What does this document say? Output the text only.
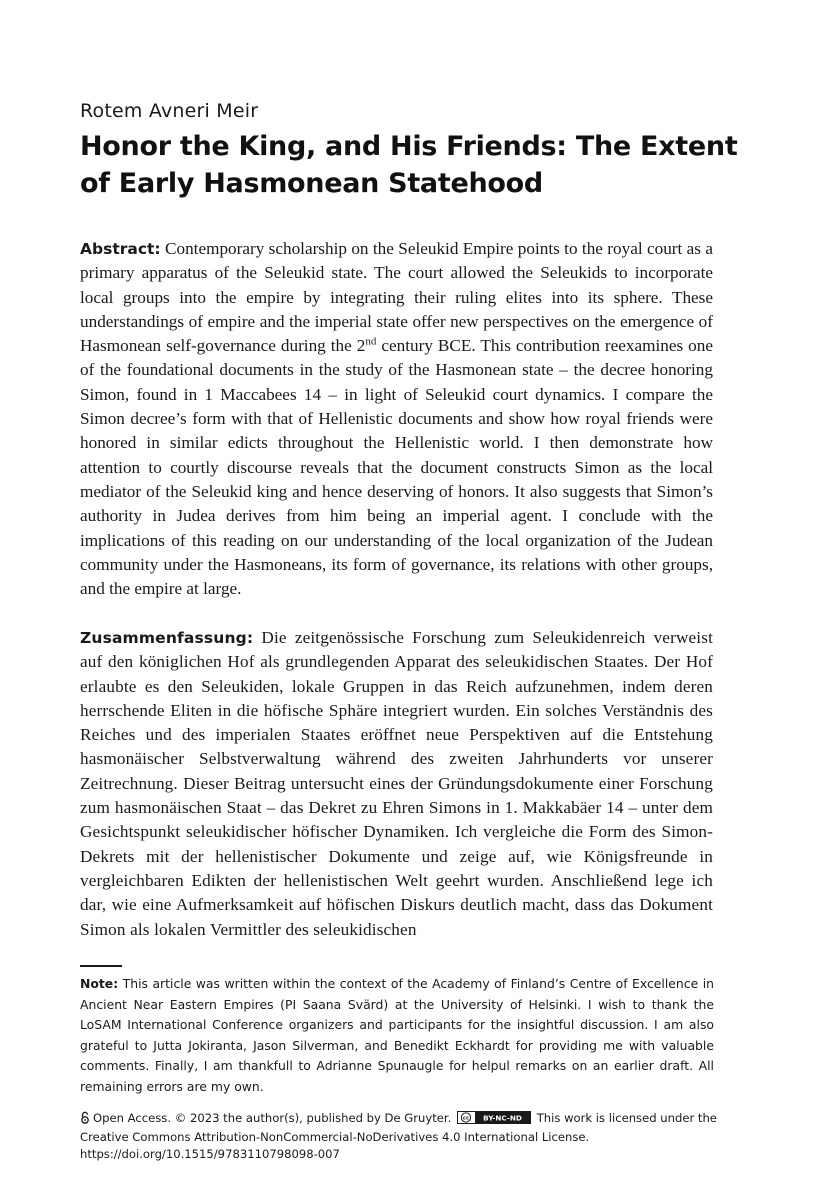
Rotem Avneri Meir
Honor the King, and His Friends: The Extent of Early Hasmonean Statehood

Abstract: Contemporary scholarship on the Seleukid Empire points to the royal court as a primary apparatus of the Seleukid state. The court allowed the Seleukids to incorporate local groups into the empire by integrating their ruling elites into its sphere. These understandings of empire and the imperial state offer new perspectives on the emergence of Hasmonean self-governance during the 2nd century BCE. This contribution reexamines one of the foundational documents in the study of the Hasmonean state – the decree honoring Simon, found in 1 Maccabees 14 – in light of Seleukid court dynamics. I compare the Simon decree’s form with that of Hellenistic documents and show how royal friends were honored in similar edicts throughout the Hellenistic world. I then demonstrate how attention to courtly discourse reveals that the document constructs Simon as the local mediator of the Seleukid king and hence deserving of honors. It also suggests that Simon’s authority in Judea derives from him being an imperial agent. I conclude with the implications of this reading on our understanding of the local organization of the Judean community under the Hasmoneans, its form of governance, its relations with other groups, and the empire at large.

Zusammenfassung: Die zeitgenössische Forschung zum Seleukidenreich verweist auf den königlichen Hof als grundlegenden Apparat des seleukidischen Staates. Der Hof erlaubte es den Seleukiden, lokale Gruppen in das Reich aufzunehmen, indem deren herrschende Eliten in die höfische Sphäre integriert wurden. Ein solches Verständnis des Reiches und des imperialen Staates eröffnet neue Perspektiven auf die Entstehung hasmonäischer Selbstverwaltung während des zweiten Jahrhunderts vor unserer Zeitrechnung. Dieser Beitrag untersucht eines der Gründungsdokumente einer Forschung zum hasmonäischen Staat – das Dekret zu Ehren Simons in 1. Makkabäer 14 – unter dem Gesichtspunkt seleukidischer höfischer Dynamiken. Ich vergleiche die Form des Simon-Dekrets mit der hellenistischer Dokumente und zeige auf, wie Königsfreunde in vergleichbaren Edikten der hellenistischen Welt geehrt wurden. Anschließend lege ich dar, wie eine Aufmerksamkeit auf höfischen Diskurs deutlich macht, dass das Dokument Simon als lokalen Vermittler des seleukidischen

Note: This article was written within the context of the Academy of Finland’s Centre of Excellence in Ancient Near Eastern Empires (PI Saana Svärd) at the University of Helsinki. I wish to thank the LoSAM International Conference organizers and participants for the insightful discussion. I am also grateful to Jutta Jokiranta, Jason Silverman, and Benedikt Eckhardt for providing me with valuable comments. Finally, I am thankfull to Adrianne Spunaugle for helpul remarks on an earlier draft. All remaining errors are my own.

Open Access. © 2023 the author(s), published by De Gruyter. cc BY-NC-ND This work is licensed under the Creative Commons Attribution-NonCommercial-NoDerivatives 4.0 International License.
https://doi.org/10.1515/9783110798098-007
